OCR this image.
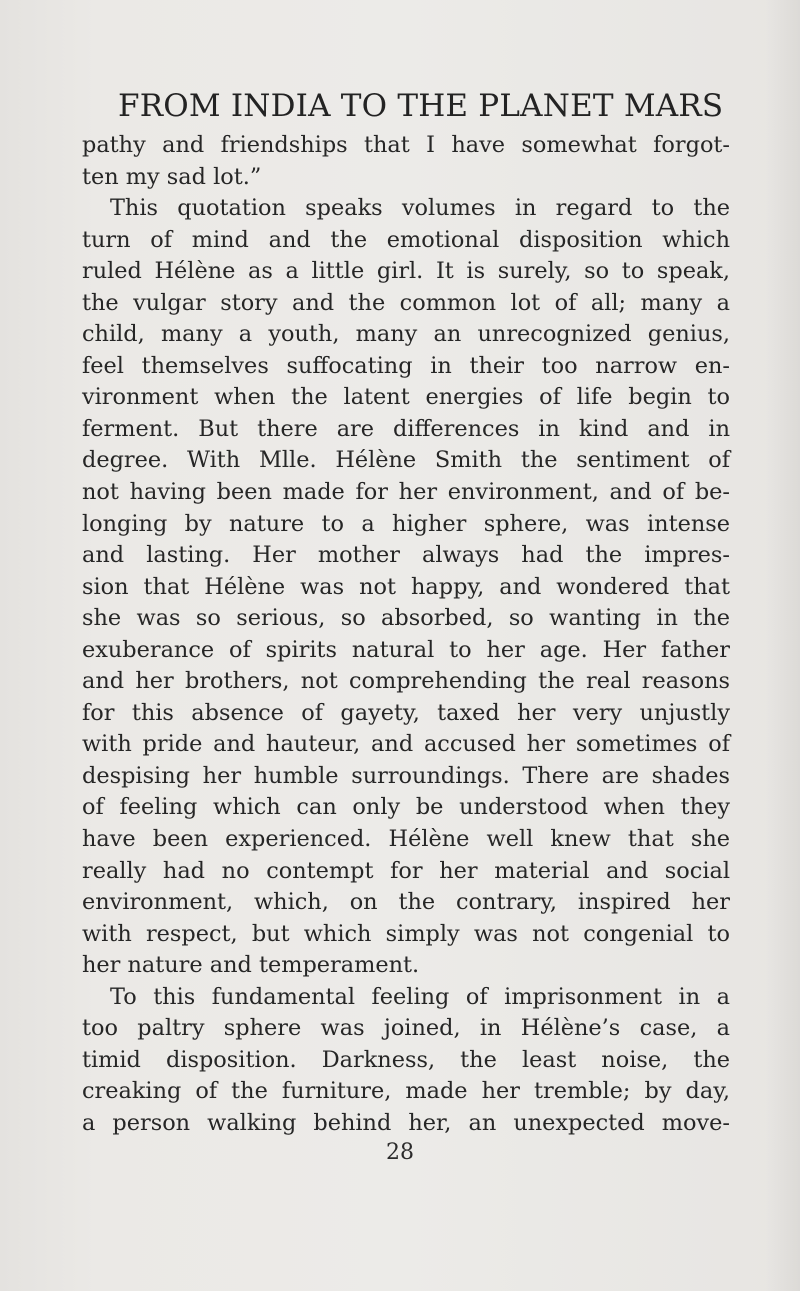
FROM INDIA TO THE PLANET MARS
pathy and friendships that I have somewhat forgot-
ten my sad lot.”
This quotation speaks volumes in regard to the
turn of mind and the emotional disposition which
ruled Hélène as a little girl. It is surely, so to speak,
the vulgar story and the common lot of all; many a
child, many a youth, many an unrecognized genius,
feel themselves suffocating in their too narrow en-
vironment when the latent energies of life begin to
ferment. But there are differences in kind and in
degree. With Mlle. Hélène Smith the sentiment of
not having been made for her environment, and of be-
longing by nature to a higher sphere, was intense
and lasting. Her mother always had the impres-
sion that Hélène was not happy, and wondered that
she was so serious, so absorbed, so wanting in the
exuberance of spirits natural to her age. Her father
and her brothers, not comprehending the real reasons
for this absence of gayety, taxed her very unjustly
with pride and hauteur, and accused her sometimes of
despising her humble surroundings. There are shades
of feeling which can only be understood when they
have been experienced. Hélène well knew that she
really had no contempt for her material and social
environment, which, on the contrary, inspired her
with respect, but which simply was not congenial to
her nature and temperament.
To this fundamental feeling of imprisonment in a
too paltry sphere was joined, in Hélène’s case, a
timid disposition. Darkness, the least noise, the
creaking of the furniture, made her tremble; by day,
a person walking behind her, an unexpected move-
28
